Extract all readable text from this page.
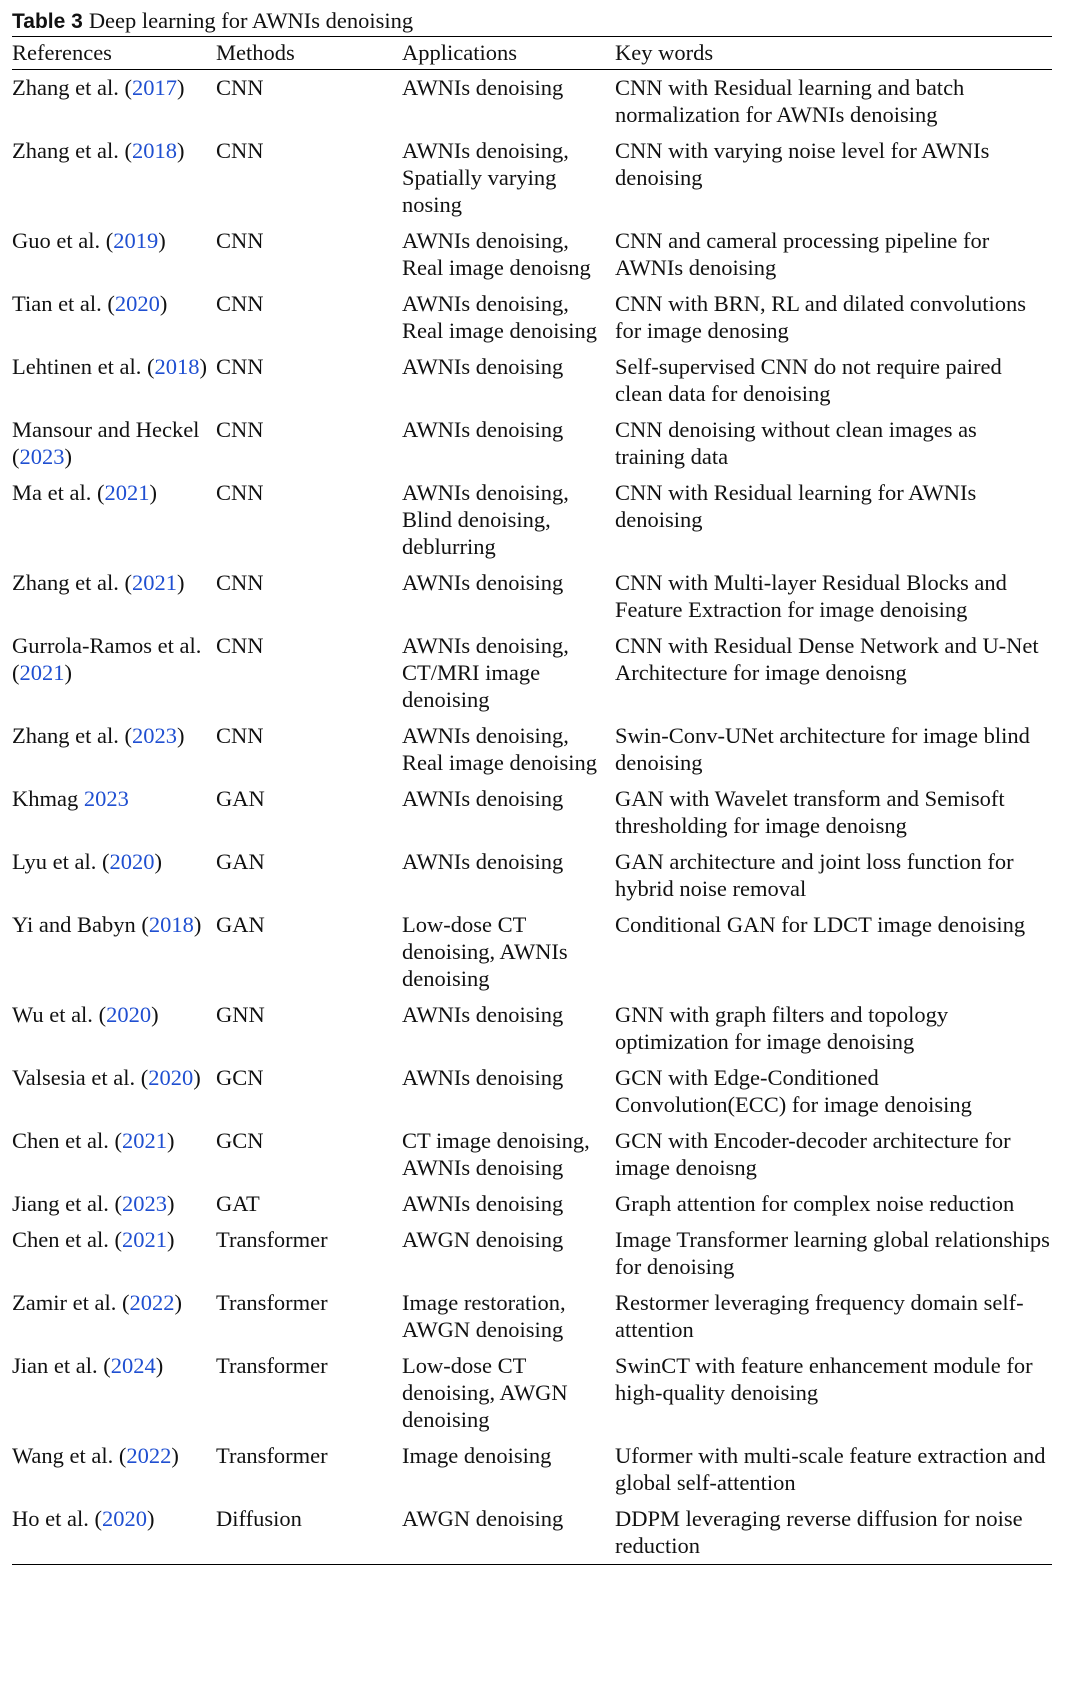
Table 3 Deep learning for AWNIs denoising
References	Methods	Applications	Key words
Zhang et al. (2017)	CNN	AWNIs denoising	CNN with Residual learning and batch normalization for AWNIs denoising
Zhang et al. (2018)	CNN	AWNIs denoising, Spatially varying nosing	CNN with varying noise level for AWNIs denoising
Guo et al. (2019)	CNN	AWNIs denoising, Real image denoisng	CNN and cameral processing pipeline for AWNIs denoising
Tian et al. (2020)	CNN	AWNIs denoising, Real image denoising	CNN with BRN, RL and dilated convolutions for image denosing
Lehtinen et al. (2018)	CNN	AWNIs denoising	Self-supervised CNN do not require paired clean data for denoising
Mansour and Heckel (2023)	CNN	AWNIs denoising	CNN denoising without clean images as training data
Ma et al. (2021)	CNN	AWNIs denoising, Blind denoising, deblurring	CNN with Residual learning for AWNIs denoising
Zhang et al. (2021)	CNN	AWNIs denoising	CNN with Multi-layer Residual Blocks and Feature Extraction for image denoising
Gurrola-Ramos et al. (2021)	CNN	AWNIs denoising, CT/MRI image denoising	CNN with Residual Dense Network and U-Net Architecture for image denoisng
Zhang et al. (2023)	CNN	AWNIs denoising, Real image denoising	Swin-Conv-UNet architecture for image blind denoising
Khmag 2023	GAN	AWNIs denoising	GAN with Wavelet transform and Semisoft thresholding for image denoisng
Lyu et al. (2020)	GAN	AWNIs denoising	GAN architecture and joint loss function for hybrid noise removal
Yi and Babyn (2018)	GAN	Low-dose CT denoising, AWNIs denoising	Conditional GAN for LDCT image denoising
Wu et al. (2020)	GNN	AWNIs denoising	GNN with graph filters and topology optimization for image denoising
Valsesia et al. (2020)	GCN	AWNIs denoising	GCN with Edge-Conditioned Convolution(ECC) for image denoising
Chen et al. (2021)	GCN	CT image denoising, AWNIs denoising	GCN with Encoder-decoder architecture for image denoisng
Jiang et al. (2023)	GAT	AWNIs denoising	Graph attention for complex noise reduction
Chen et al. (2021)	Transformer	AWGN denoising	Image Transformer learning global relationships for denoising
Zamir et al. (2022)	Transformer	Image restoration, AWGN denoising	Restormer leveraging frequency domain self-attention
Jian et al. (2024)	Transformer	Low-dose CT denoising, AWGN denoising	SwinCT with feature enhancement module for high-quality denoising
Wang et al. (2022)	Transformer	Image denoising	Uformer with multi-scale feature extraction and global self-attention
Ho et al. (2020)	Diffusion	AWGN denoising	DDPM leveraging reverse diffusion for noise reduction
